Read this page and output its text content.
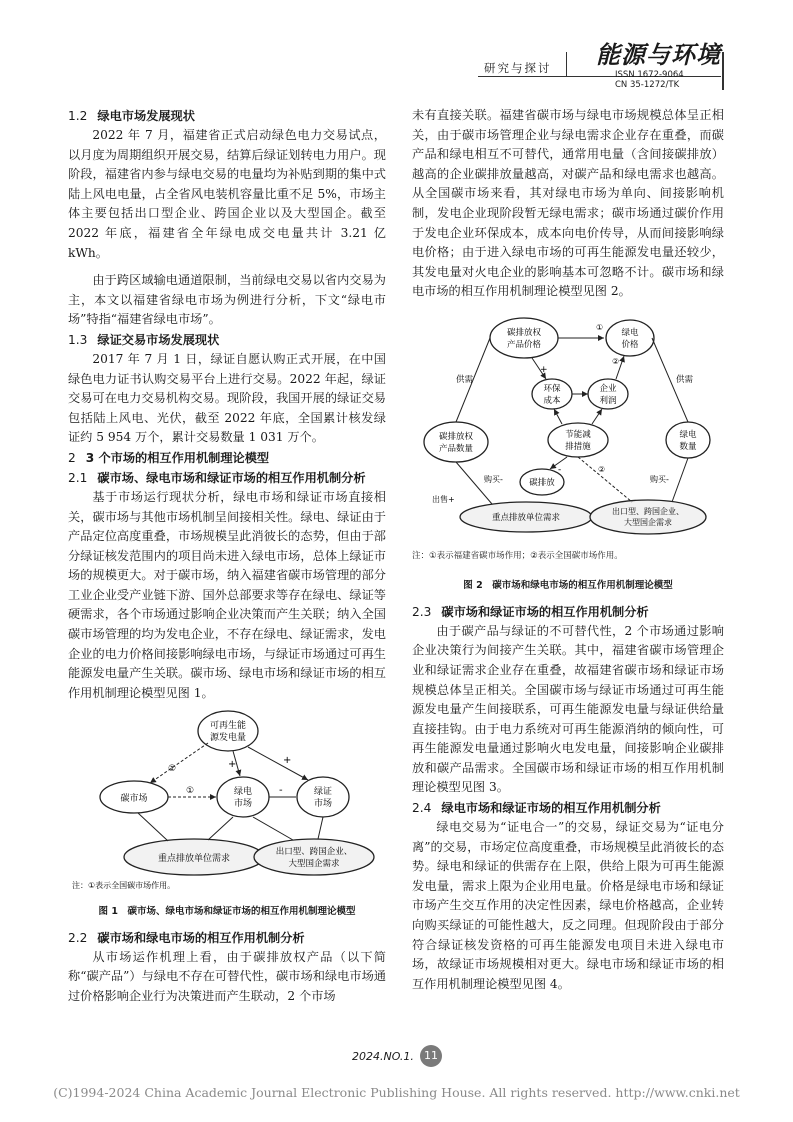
研究与探讨 能源与环境
ISSN 1672-9064
CN 35-1272/TK
1.2 绿电市场发展现状

2022 年 7 月，福建省正式启动绿色电力交易试点，以月度为周期组织开展交易，结算后绿证划转电力用户。现阶段，福建省内参与绿电交易的电量均为补贴到期的集中式陆上风电电量，占全省风电装机容量比重不足 5%，市场主体主要包括出口型企业、跨国企业以及大型国企。截至 2022 年底，福建省全年绿电成交电量共计 3.21 亿 kWh。

由于跨区域输电通道限制，当前绿电交易以省内交易为主，本文以福建省绿电市场为例进行分析，下文“绿电市场”特指“福建省绿电市场”。

1.3 绿证交易市场发展现状

2017 年 7 月 1 日，绿证自愿认购正式开展，在中国绿色电力证书认购交易平台上进行交易。2022 年起，绿证交易可在电力交易机构交易。现阶段，我国开展的绿证交易包括陆上风电、光伏，截至 2022 年底，全国累计核发绿证约 5 954 万个，累计交易数量 1 031 万个。

2 3 个市场的相互作用机制理论模型
2.1 碳市场、绿电市场和绿证市场的相互作用机制分析

基于市场运行现状分析，绿电市场和绿证市场直接相关，碳市场与其他市场机制呈间接相关性。绿电、绿证由于产品定位高度重叠，市场规模呈此消彼长的态势，但由于部分绿证核发范围内的项目尚未进入绿电市场，总体上绿证市场的规模更大。对于碳市场，纳入福建省碳市场管理的部分工业企业受产业链下游、国外总部要求等存在绿电、绿证等硬需求，各个市场通过影响企业决策而产生关联；纳入全国碳市场管理的均为发电企业，不存在绿电、绿证需求，发电企业的电力价格间接影响绿电市场，与绿证市场通过可再生能源发电量产生关联。碳市场、绿电市场和绿证市场的相互作用机制理论模型见图 1。

可再生能
源发电量
碳市场
绿电
市场
绿证
市场
重点排放单位需求
出口型、跨国企业、
大型国企需求
①
①
+	+
-
注：①表示全国碳市场作用。
图 1　碳市场、绿电市场和绿证市场的相互作用机制理论模型
2.2 碳市场和绿电市场的相互作用机制分析

从市场运作机理上看，由于碳排放权产品（以下简称“碳产品”）与绿电不存在可替代性，碳市场和绿电市场通过价格影响企业行为决策进而产生联动，2 个市场

未有直接关联。福建省碳市场与绿电市场规模总体呈正相关，由于碳市场管理企业与绿电需求企业存在重叠，而碳产品和绿电相互不可替代，通常用电量（含间接碳排放）越高的企业碳排放量越高，对碳产品和绿电需求也越高。从全国碳市场来看，其对绿电市场为单向、间接影响机制，发电企业现阶段暂无绿电需求；碳市场通过碳价作用于发电企业环保成本，成本向电价传导，从而间接影响绿电价格；由于进入绿电市场的可再生能源发电量还较少，其发电量对火电企业的影响基本可忽略不计。碳市场和绿电市场的相互作用机制理论模型见图 2。

碳排放权
产品价格
绿电
价格
环保
成本
企业
利润
碳排放权
产品数量
节能减
排措施
绿电
数量
碳排放
重点排放单位需求
出口型、跨国企业、
大型国企需求
供需	供需
购买-
出售+
购买-
①
②
②
+
-
注：①表示福建省碳市场作用；②表示全国碳市场作用。
图 2　碳市场和绿电市场的相互作用机制理论模型
2.3 碳市场和绿证市场的相互作用机制分析

由于碳产品与绿证的不可替代性，2 个市场通过影响企业决策行为间接产生关联。其中，福建省碳市场管理企业和绿证需求企业存在重叠，故福建省碳市场和绿证市场规模总体呈正相关。全国碳市场与绿证市场通过可再生能源发电量产生间接联系，可再生能源发电量与绿证供给量直接挂钩。由于电力系统对可再生能源消纳的倾向性，可再生能源发电量通过影响火电发电量，间接影响企业碳排放和碳产品需求。全国碳市场和绿证市场的相互作用机制理论模型见图 3。

2.4 绿电市场和绿证市场的相互作用机制分析

绿电交易为“证电合一”的交易，绿证交易为“证电分离”的交易，市场定位高度重叠，市场规模呈此消彼长的态势。绿电和绿证的供需存在上限，供给上限为可再生能源发电量，需求上限为企业用电量。价格是绿电市场和绿证市场产生交互作用的决定性因素，绿电价格越高，企业转向购买绿证的可能性越大，反之同理。但现阶段由于部分符合绿证核发资格的可再生能源发电项目未进入绿电市场，故绿证市场规模相对更大。绿电市场和绿证市场的相互作用机制理论模型见图 4。

2024.NO.1. 11
(C)1994-2024 China Academic Journal Electronic Publishing House. All rights reserved. http://www.cnki.net
